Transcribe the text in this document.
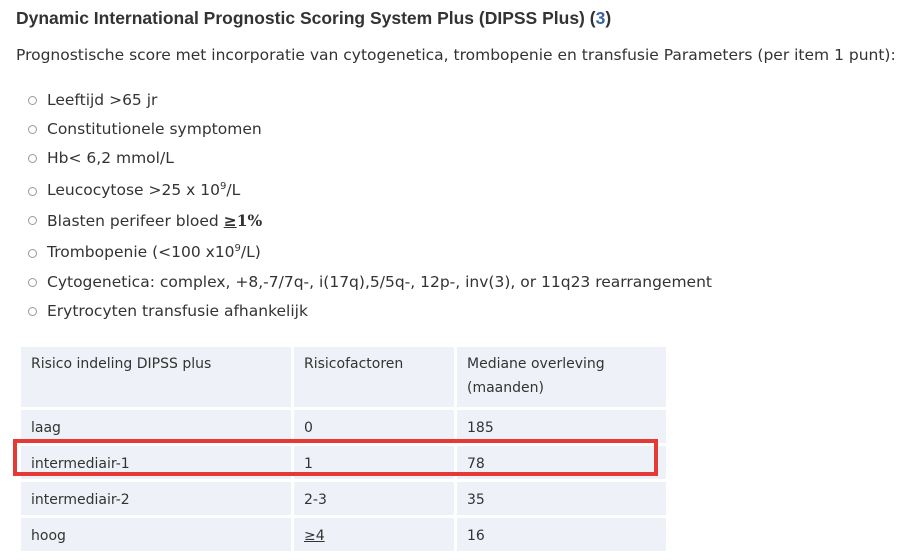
Dynamic International Prognostic Scoring System Plus (DIPSS Plus) (3)

Prognostische score met incorporatie van cytogenetica, trombopenie en transfusie Parameters (per item 1 punt):

Leeftijd >65 jr
Constitutionele symptomen
Hb< 6,2 mmol/L
Leucocytose >25 x $10^9/L$
Blasten perifeer bloed ≥1%
Trombopenie (<100 $x10^9/L$)
Cytogenetica: complex, +8,-7/7q-, i(17q),5/5q-, 12p-, inv(3), or 11q23 rearrangement
Erytrocyten transfusie afhankelijk
Risico indeling DIPSS plus	Risicofactoren	Mediane overleving (maanden)
laag	0	185
intermediair-1	1	78
intermediair-2	2-3	35
hoog	≥4	16
